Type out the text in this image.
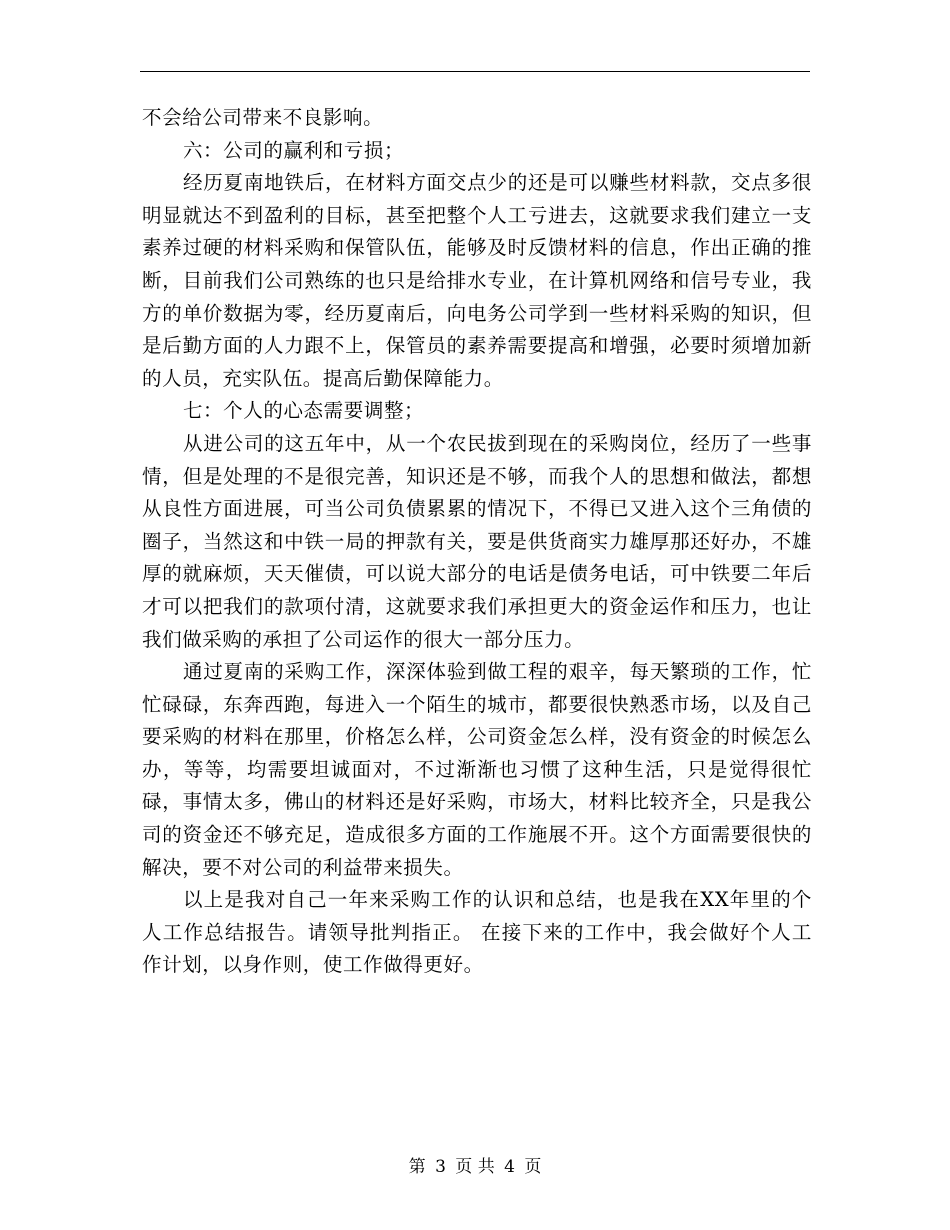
不会给公司带来不良影响。

六：公司的赢利和亏损；

经历夏南地铁后，在材料方面交点少的还是可以赚些材料款，交点多很明显就达不到盈利的目标，甚至把整个人工亏进去，这就要求我们建立一支素养过硬的材料采购和保管队伍，能够及时反馈材料的信息，作出正确的推断，目前我们公司熟练的也只是给排水专业，在计算机网络和信号专业，我方的单价数据为零，经历夏南后，向电务公司学到一些材料采购的知识，但是后勤方面的人力跟不上，保管员的素养需要提高和增强，必要时须增加新的人员，充实队伍。提高后勤保障能力。

七：个人的心态需要调整；

从进公司的这五年中，从一个农民拔到现在的采购岗位，经历了一些事情，但是处理的不是很完善，知识还是不够，而我个人的思想和做法，都想从良性方面进展，可当公司负债累累的情况下，不得已又进入这个三角债的圈子，当然这和中铁一局的押款有关，要是供货商实力雄厚那还好办，不雄厚的就麻烦，天天催债，可以说大部分的电话是债务电话，可中铁要二年后才可以把我们的款项付清，这就要求我们承担更大的资金运作和压力，也让我们做采购的承担了公司运作的很大一部分压力。

通过夏南的采购工作，深深体验到做工程的艰辛，每天繁琐的工作，忙忙碌碌，东奔西跑，每进入一个陌生的城市，都要很快熟悉市场，以及自己要采购的材料在那里，价格怎么样，公司资金怎么样，没有资金的时候怎么办，等等，均需要坦诚面对，不过渐渐也习惯了这种生活，只是觉得很忙碌，事情太多，佛山的材料还是好采购，市场大，材料比较齐全，只是我公司的资金还不够充足，造成很多方面的工作施展不开。这个方面需要很快的解决，要不对公司的利益带来损失。

以上是我对自己一年来采购工作的认识和总结，也是我在XX年里的个人工作总结报告。请领导批判指正。 在接下来的工作中，我会做好个人工作计划，以身作则，使工作做得更好。

第 3 页 共 4 页
